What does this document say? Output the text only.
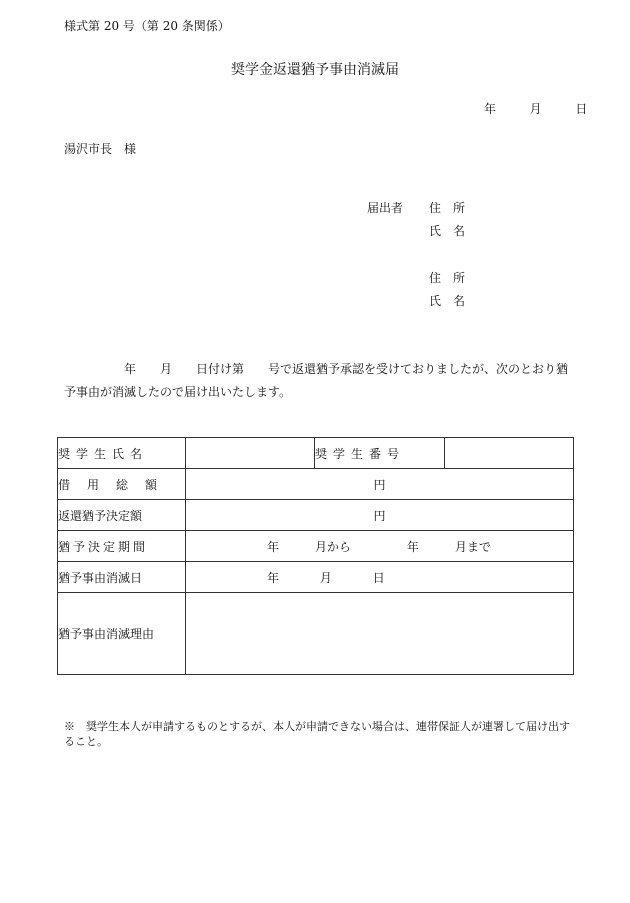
様式第 20 号（第 20 条関係）
奨学金返還猶予事由消滅届
年	月	日
湯沢市長　様
届出者 住　所
氏　名
住　所
氏　名
　　　　　年　　月　　日付け第　　号で返還猶予承認を受けておりましたが、次のとおり猶予事由が消滅したので届け出いたします。
奨学生氏名		奨学生番号	
借用総額	円		
返還猶予決定額	円		
猶予決定期間	年　　　月から 年　　　月まで		
猶予事由消滅日	年 月 日		
猶予事由消滅理由			
※　奨学生本人が申請するものとするが、本人が申請できない場合は、連帯保証人が連署して届け出すること。
